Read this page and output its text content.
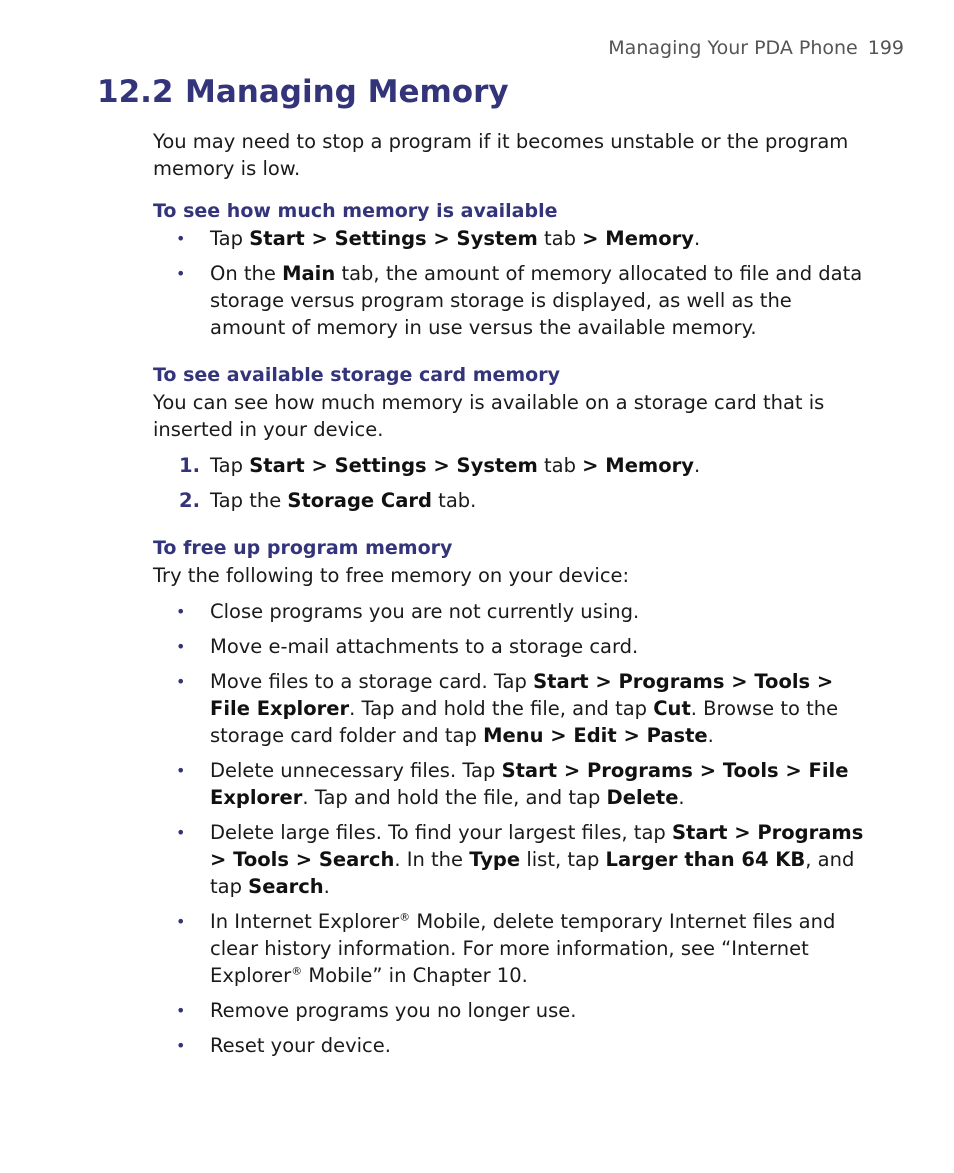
Managing Your PDA Phone 199
12.2 Managing Memory

You may need to stop a program if it becomes unstable or the program memory is low.

To see how much memory is available

• Tap Start > Settings > System tab > Memory.
• On the Main tab, the amount of memory allocated to file and data storage versus program storage is displayed, as well as the amount of memory in use versus the available memory.

To see available storage card memory

You can see how much memory is available on a storage card that is inserted in your device.

1. Tap Start > Settings > System tab > Memory.
2. Tap the Storage Card tab.

To free up program memory

Try the following to free memory on your device:

• Close programs you are not currently using.
• Move e-mail attachments to a storage card.
• Move files to a storage card. Tap Start > Programs > Tools > File Explorer. Tap and hold the file, and tap Cut. Browse to the storage card folder and tap Menu > Edit > Paste.
• Delete unnecessary files. Tap Start > Programs > Tools > File Explorer. Tap and hold the file, and tap Delete.
• Delete large files. To find your largest files, tap Start > Programs > Tools > Search. In the Type list, tap Larger than 64 KB, and tap Search.
• In Internet Explorer® Mobile, delete temporary Internet files and clear history information. For more information, see “Internet Explorer® Mobile” in Chapter 10.
• Remove programs you no longer use.
• Reset your device.
